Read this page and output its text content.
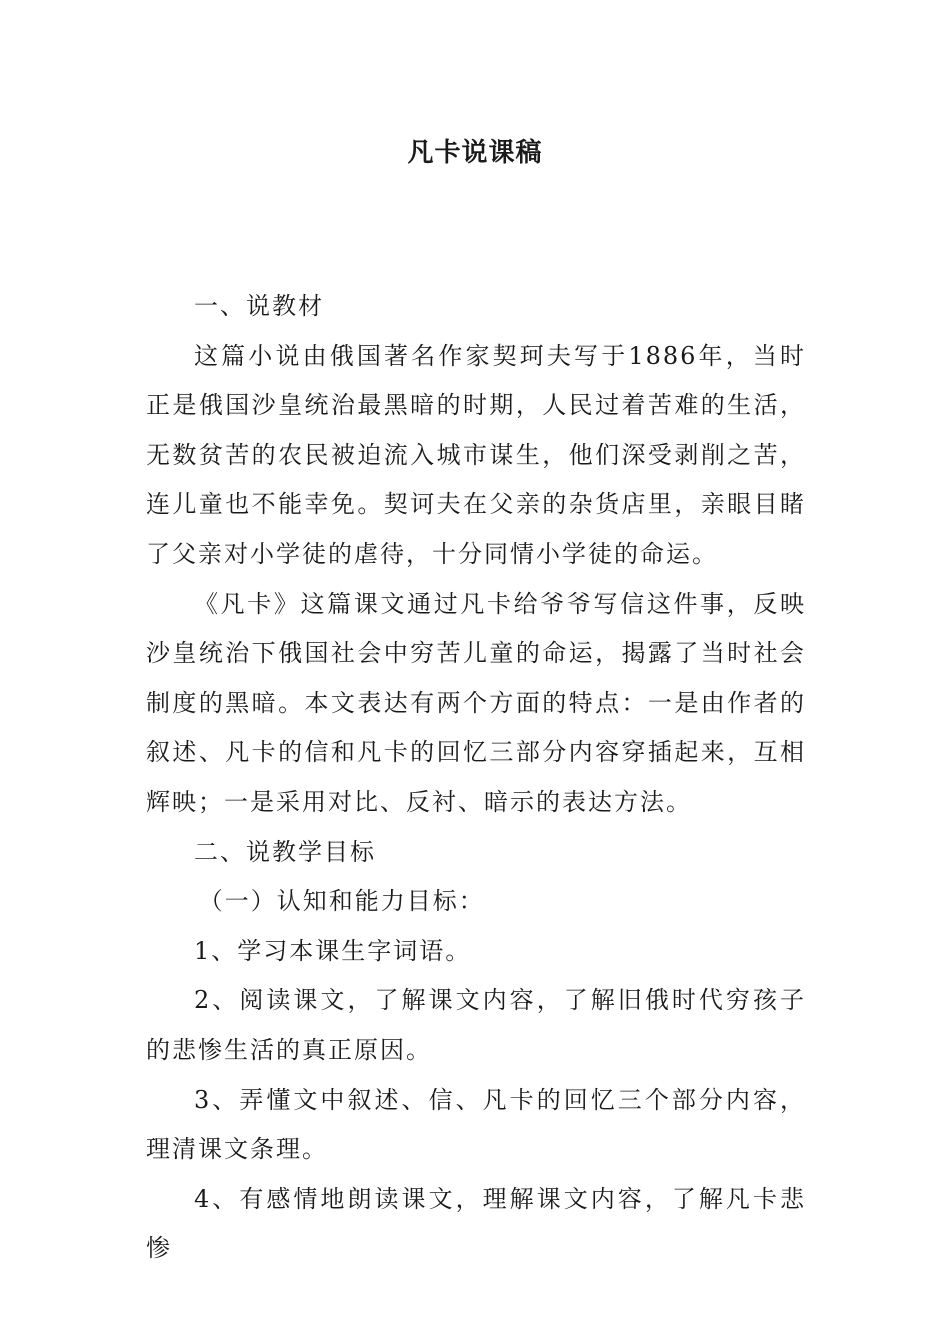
凡卡说课稿

一、说教材

这篇小说由俄国著名作家契珂夫写于1886年，当时正是俄国沙皇统治最黑暗的时期，人民过着苦难的生活，无数贫苦的农民被迫流入城市谋生，他们深受剥削之苦，连儿童也不能幸免。契诃夫在父亲的杂货店里，亲眼目睹了父亲对小学徒的虐待，十分同情小学徒的命运。

《凡卡》这篇课文通过凡卡给爷爷写信这件事，反映沙皇统治下俄国社会中穷苦儿童的命运，揭露了当时社会制度的黑暗。本文表达有两个方面的特点：一是由作者的叙述、凡卡的信和凡卡的回忆三部分内容穿插起来，互相辉映；一是采用对比、反衬、暗示的表达方法。

二、说教学目标

（一）认知和能力目标：

1、学习本课生字词语。

2、阅读课文，了解课文内容，了解旧俄时代穷孩子的悲惨生活的真正原因。

3、弄懂文中叙述、信、凡卡的回忆三个部分内容，理清课文条理。

4、有感情地朗读课文，理解课文内容，了解凡卡悲惨
